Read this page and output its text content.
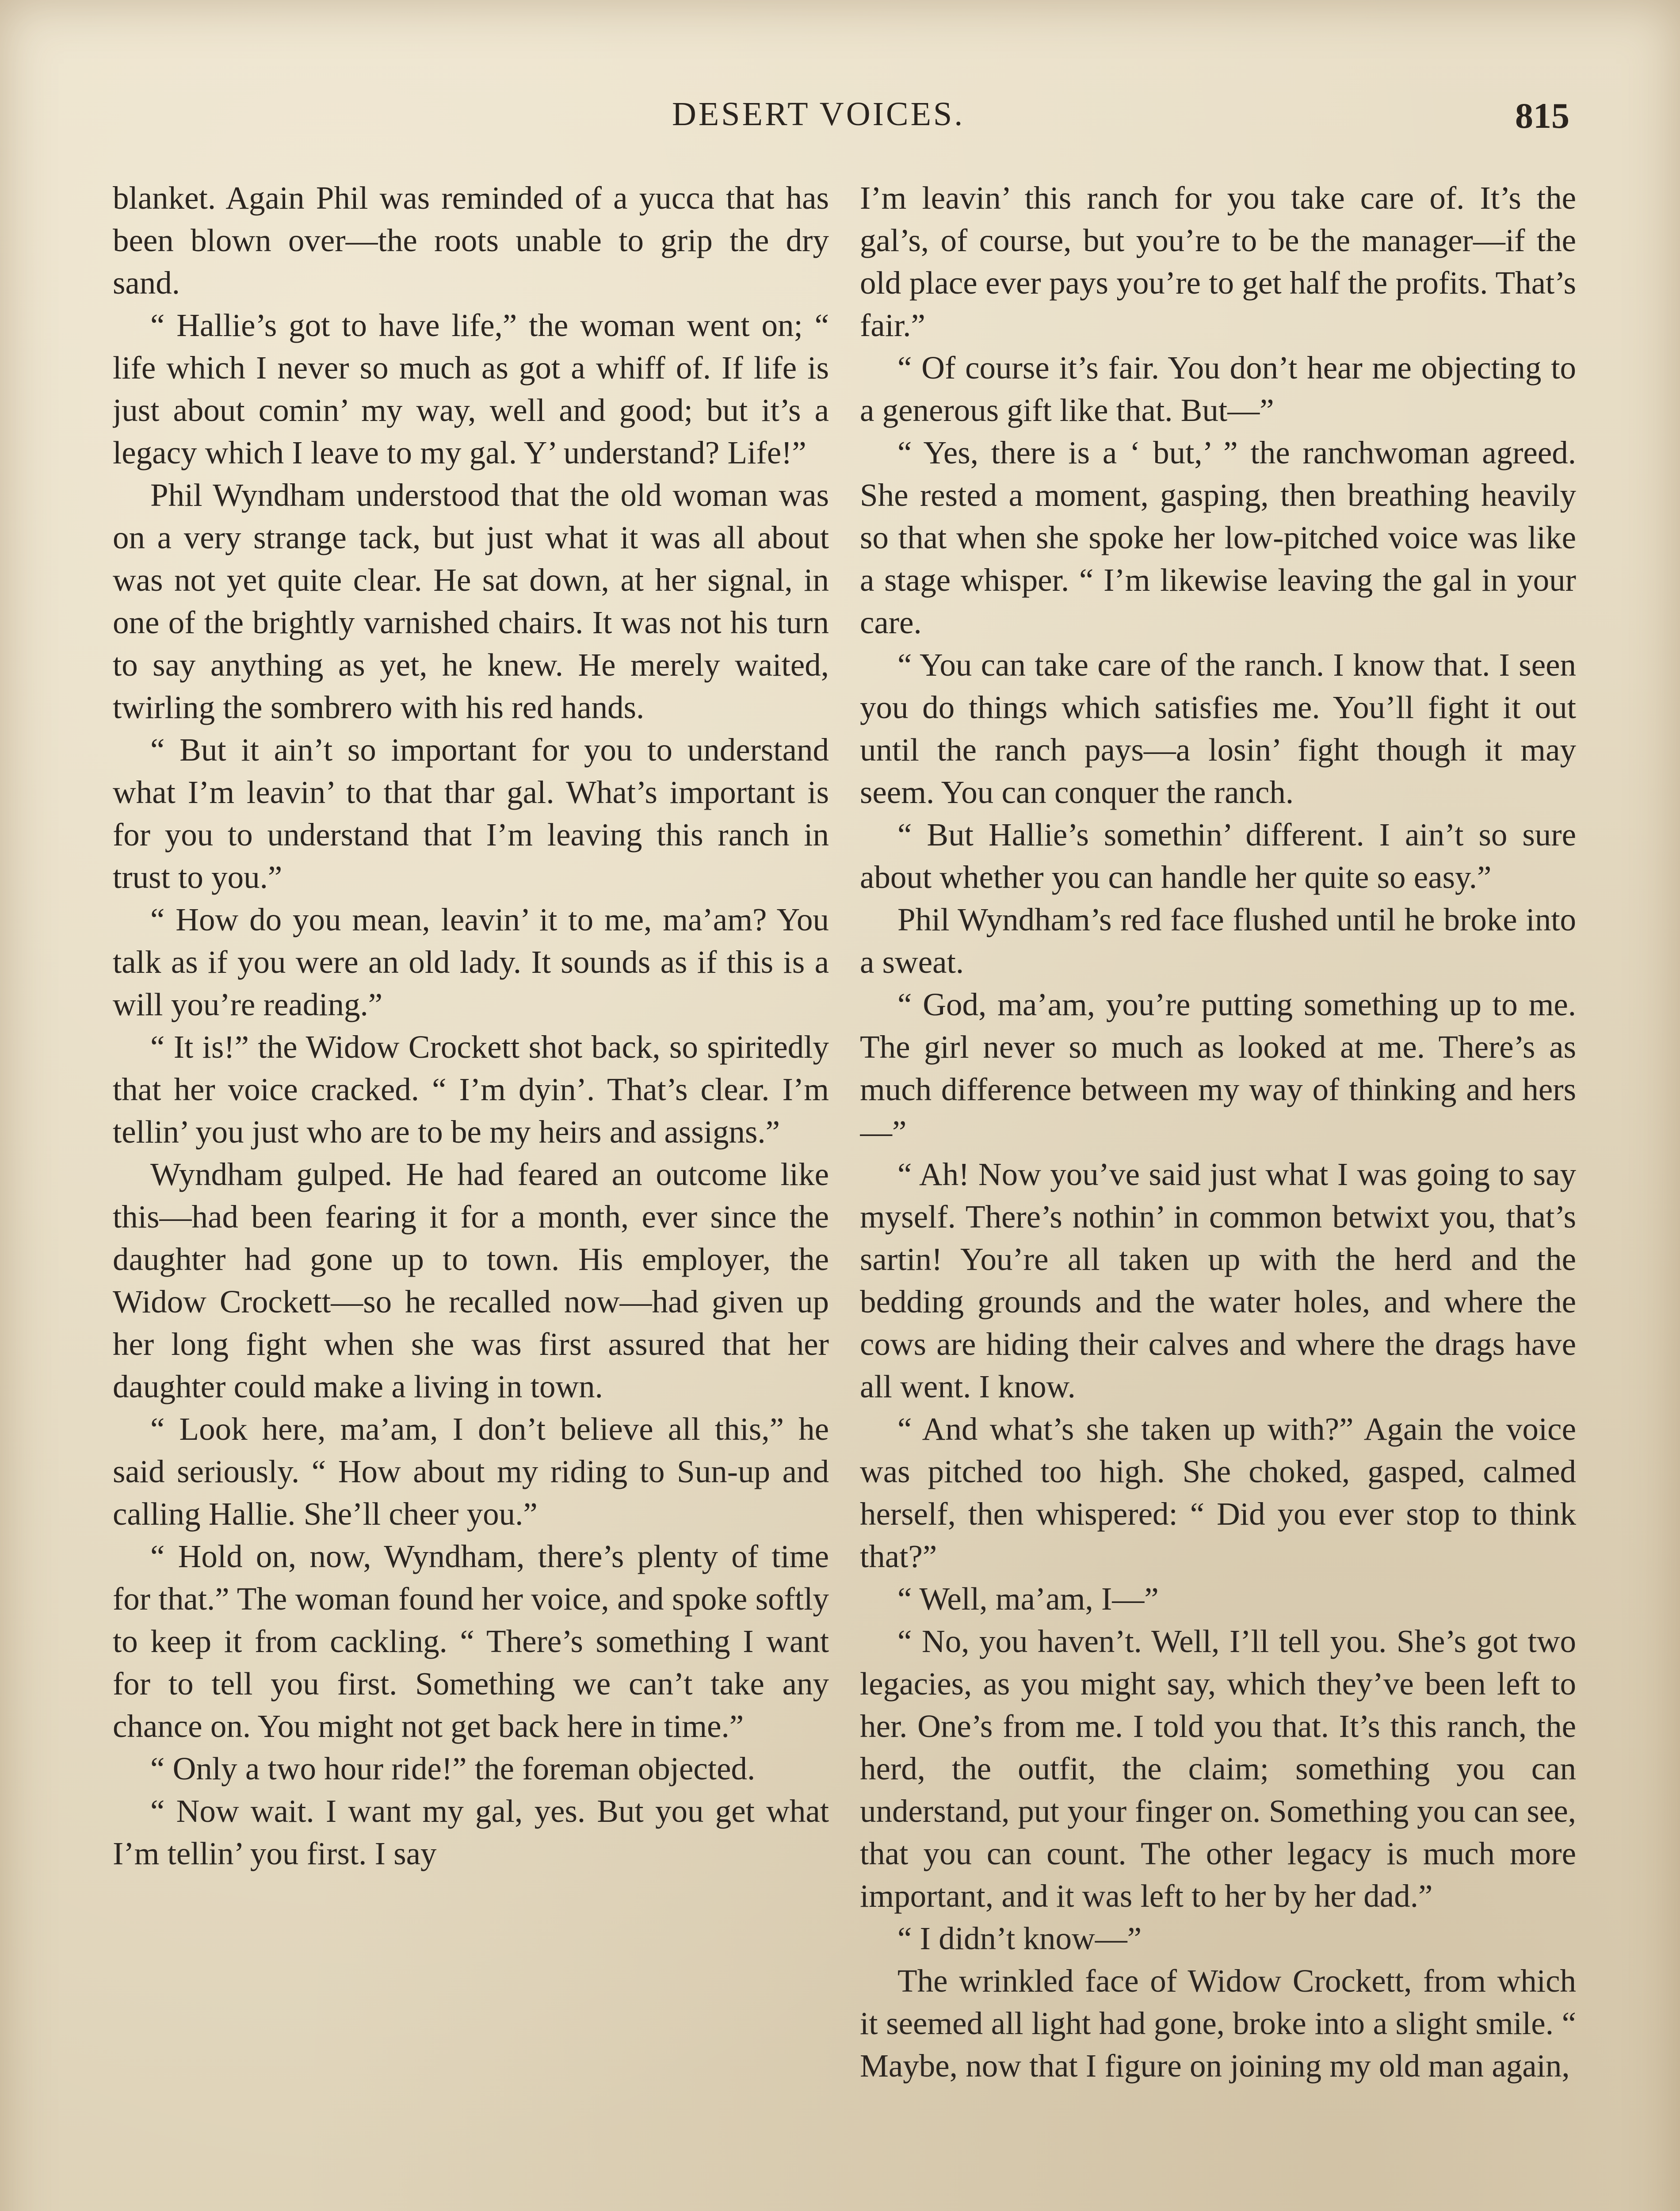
DESERT VOICES.	815

blanket. Again Phil was reminded of a yucca that has been blown over—the roots unable to grip the dry sand.

“ Hallie’s got to have life,” the woman went on; “ life which I never so much as got a whiff of. If life is just about comin’ my way, well and good; but it’s a legacy which I leave to my gal. Y’ understand? Life!”

Phil Wyndham understood that the old woman was on a very strange tack, but just what it was all about was not yet quite clear. He sat down, at her signal, in one of the brightly varnished chairs. It was not his turn to say anything as yet, he knew. He merely waited, twirling the sombrero with his red hands.

“ But it ain’t so important for you to understand what I’m leavin’ to that thar gal. What’s important is for you to understand that I’m leaving this ranch in trust to you.”

“ How do you mean, leavin’ it to me, ma’am? You talk as if you were an old lady. It sounds as if this is a will you’re reading.”

“ It is!” the Widow Crockett shot back, so spiritedly that her voice cracked. “ I’m dyin’. That’s clear. I’m tellin’ you just who are to be my heirs and assigns.”

Wyndham gulped. He had feared an outcome like this—had been fearing it for a month, ever since the daughter had gone up to town. His employer, the Widow Crockett—so he recalled now—had given up her long fight when she was first assured that her daughter could make a living in town.

“ Look here, ma’am, I don’t believe all this,” he said seriously. “ How about my riding to Sun-up and calling Hallie. She’ll cheer you.”

“ Hold on, now, Wyndham, there’s plenty of time for that.” The woman found her voice, and spoke softly to keep it from cackling. “ There’s something I want for to tell you first. Something we can’t take any chance on. You might not get back here in time.”

“ Only a two hour ride!” the foreman objected.

“ Now wait. I want my gal, yes. But you get what I’m tellin’ you first. I say

I’m leavin’ this ranch for you take care of. It’s the gal’s, of course, but you’re to be the manager—if the old place ever pays you’re to get half the profits. That’s fair.”

“ Of course it’s fair. You don’t hear me objecting to a generous gift like that. But—”

“ Yes, there is a ‘ but,’ ” the ranchwoman agreed. She rested a moment, gasping, then breathing heavily so that when she spoke her low-pitched voice was like a stage whisper. “ I’m likewise leaving the gal in your care.

“ You can take care of the ranch. I know that. I seen you do things which satisfies me. You’ll fight it out until the ranch pays—a losin’ fight though it may seem. You can conquer the ranch.

“ But Hallie’s somethin’ different. I ain’t so sure about whether you can handle her quite so easy.”

Phil Wyndham’s red face flushed until he broke into a sweat.

“ God, ma’am, you’re putting something up to me. The girl never so much as looked at me. There’s as much difference between my way of thinking and hers—”

“ Ah! Now you’ve said just what I was going to say myself. There’s nothin’ in common betwixt you, that’s sartin! You’re all taken up with the herd and the bedding grounds and the water holes, and where the cows are hiding their calves and where the drags have all went. I know.

“ And what’s she taken up with?” Again the voice was pitched too high. She choked, gasped, calmed herself, then whispered: “ Did you ever stop to think that?”

“ Well, ma’am, I—”

“ No, you haven’t. Well, I’ll tell you. She’s got two legacies, as you might say, which they’ve been left to her. One’s from me. I told you that. It’s this ranch, the herd, the outfit, the claim; something you can understand, put your finger on. Something you can see, that you can count. The other legacy is much more important, and it was left to her by her dad.”

“ I didn’t know—”

The wrinkled face of Widow Crockett, from which it seemed all light had gone, broke into a slight smile. “ Maybe, now that I figure on joining my old man again,
